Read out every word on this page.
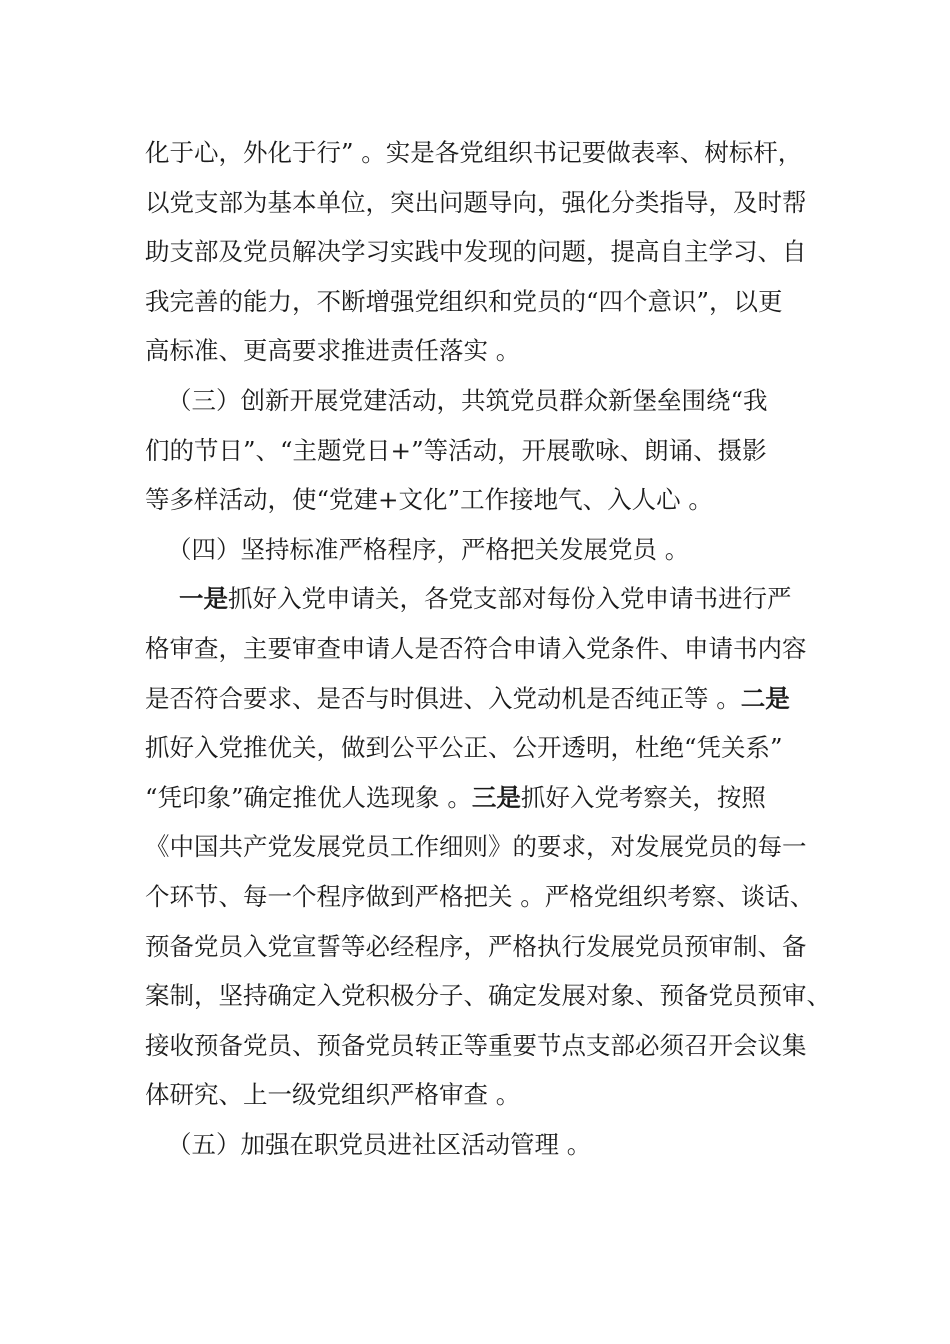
化于心，外化于行” 。实是各党组织书记要做表率、树标杆，
以党支部为基本单位，突出问题导向，强化分类指导，及时帮
助支部及党员解决学习实践中发现的问题，提高自主学习、自
我完善的能力，不断增强党组织和党员的“四个意识”，以更
高标准、更高要求推进责任落实 。
（三）创新开展党建活动，共筑党员群众新堡垒围绕“我
们的节日”、“主题党日+”等活动，开展歌咏、朗诵、摄影
等多样活动，使“党建+文化”工作接地气、入人心 。
（四）坚持标准严格程序，严格把关发展党员 。
一是抓好入党申请关，各党支部对每份入党申请书进行严
格审查，主要审查申请人是否符合申请入党条件、申请书内容
是否符合要求、是否与时俱进、入党动机是否纯正等 。二是
抓好入党推优关，做到公平公正、公开透明，杜绝“凭关系”
“凭印象”确定推优人选现象 。三是抓好入党考察关，按照
《中国共产党发展党员工作细则》的要求，对发展党员的每一
个环节、每一个程序做到严格把关 。严格党组织考察、谈话、
预备党员入党宣誓等必经程序，严格执行发展党员预审制、备
案制，坚持确定入党积极分子、确定发展对象、预备党员预审、
接收预备党员、预备党员转正等重要节点支部必须召开会议集
体研究、上一级党组织严格审查 。
（五）加强在职党员进社区活动管理 。
